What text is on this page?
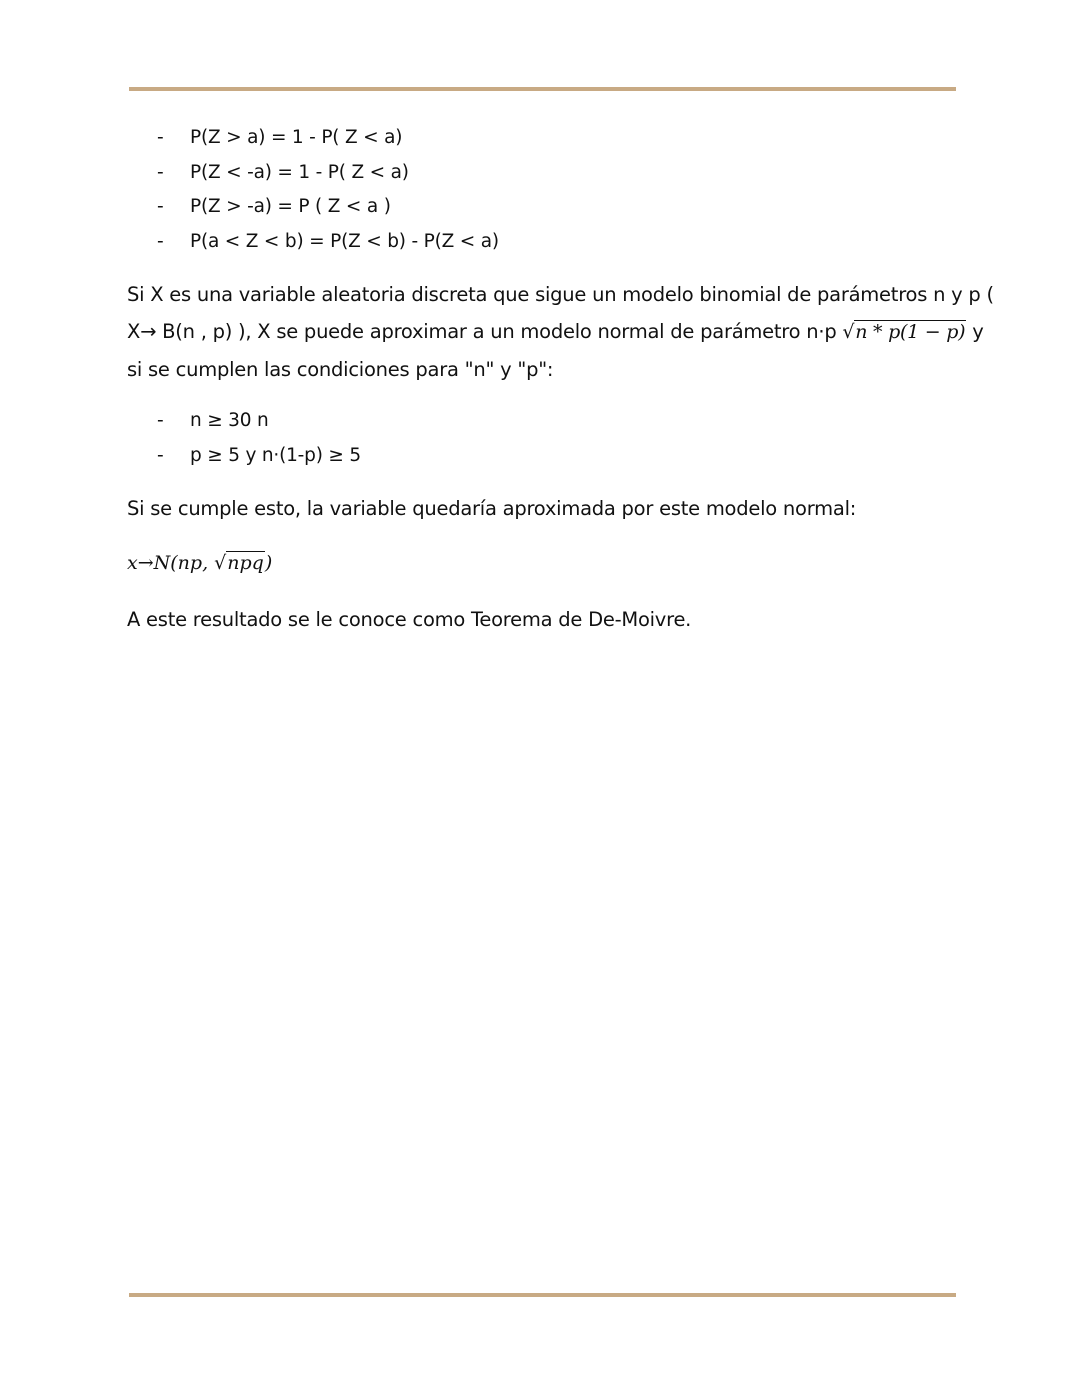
- P(Z > a) = 1 - P( Z < a)
- P(Z < -a) = 1 - P( Z < a)
- P(Z > -a) = P ( Z < a )
- P(a < Z < b) = P(Z < b) - P(Z < a)
Si X es una variable aleatoria discreta que sigue un modelo binomial de parámetros n y p (
X→ B(n , p) ), X se puede aproximar a un modelo normal de parámetro n·p √n * p(1 − p) y
si se cumplen las condiciones para "n" y "p":
- n ≥ 30 n
- p ≥ 5 y n·(1-p) ≥ 5
Si se cumple esto, la variable quedaría aproximada por este modelo normal:
x→N(np, √npq)
A este resultado se le conoce como Teorema de De-Moivre.
